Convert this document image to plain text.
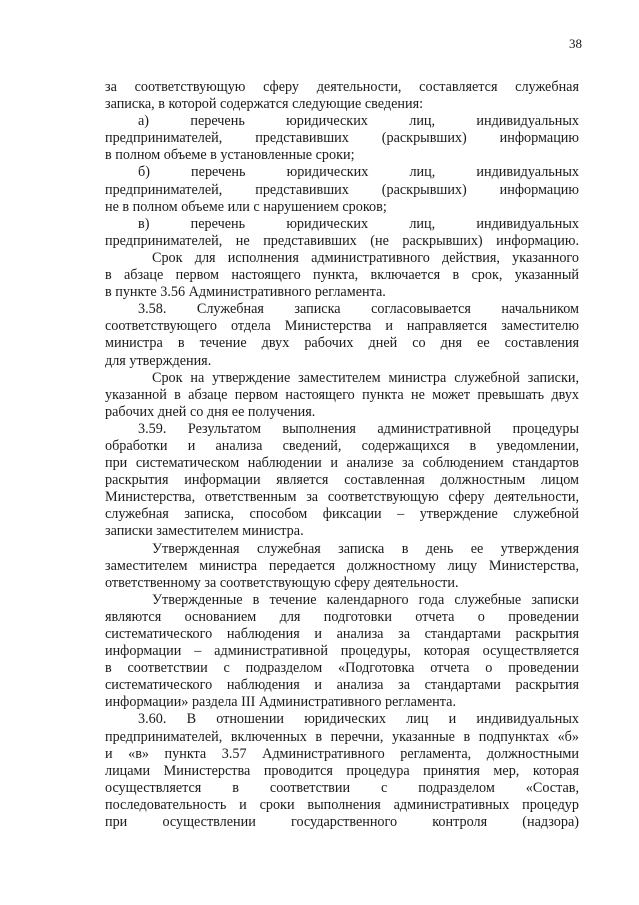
38
за соответствующую сферу деятельности, составляется служебная
записка, в которой содержатся следующие сведения:
а) перечень юридических лиц, индивидуальных
предпринимателей, представивших (раскрывших) информацию
в полном объеме в установленные сроки;
б) перечень юридических лиц, индивидуальных
предпринимателей, представивших (раскрывших) информацию
не в полном объеме или с нарушением сроков;
в) перечень юридических лиц, индивидуальных
предпринимателей, не представивших (не раскрывших) информацию.
Срок для исполнения административного действия, указанного
в абзаце первом настоящего пункта, включается в срок, указанный
в пункте 3.56 Административного регламента.
3.58. Служебная записка согласовывается начальником
соответствующего отдела Министерства и направляется заместителю
министра в течение двух рабочих дней со дня ее составления
для утверждения.
Срок на утверждение заместителем министра служебной записки,
указанной в абзаце первом настоящего пункта не может превышать двух
рабочих дней со дня ее получения.
3.59. Результатом выполнения административной процедуры
обработки и анализа сведений, содержащихся в уведомлении,
при систематическом наблюдении и анализе за соблюдением стандартов
раскрытия информации является составленная должностным лицом
Министерства, ответственным за соответствующую сферу деятельности,
служебная записка, способом фиксации – утверждение служебной
записки заместителем министра.
Утвержденная служебная записка в день ее утверждения
заместителем министра передается должностному лицу Министерства,
ответственному за соответствующую сферу деятельности.
Утвержденные в течение календарного года служебные записки
являются основанием для подготовки отчета о проведении
систематического наблюдения и анализа за стандартами раскрытия
информации – административной процедуры, которая осуществляется
в соответствии с подразделом «Подготовка отчета о проведении
систематического наблюдения и анализа за стандартами раскрытия
информации» раздела III Административного регламента.
3.60. В отношении юридических лиц и индивидуальных
предпринимателей, включенных в перечни, указанные в подпунктах «б»
и «в» пункта 3.57 Административного регламента, должностными
лицами Министерства проводится процедура принятия мер, которая
осуществляется в соответствии с подразделом «Состав,
последовательность и сроки выполнения административных процедур
при осуществлении государственного контроля (надзора)
